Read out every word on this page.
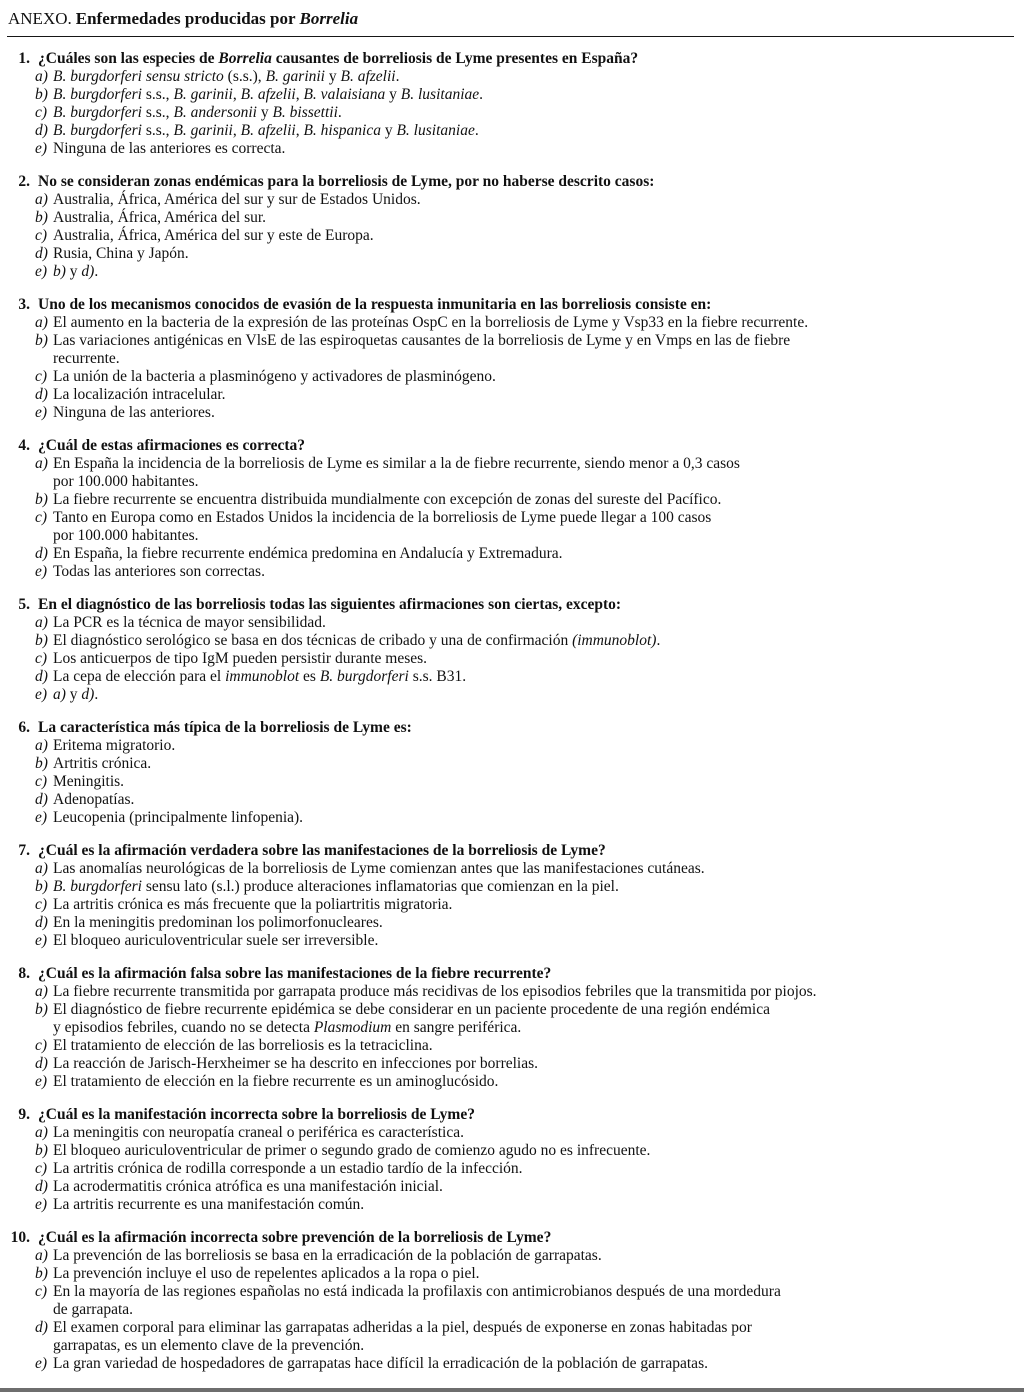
ANEXO. Enfermedades producidas por Borrelia
1. ¿Cuáles son las especies de Borrelia causantes de borreliosis de Lyme presentes en España?
a) B. burgdorferi sensu stricto (s.s.), B. garinii y B. afzelii.
b) B. burgdorferi s.s., B. garinii, B. afzelii, B. valaisiana y B. lusitaniae.
c) B. burgdorferi s.s., B. andersonii y B. bissettii.
d) B. burgdorferi s.s., B. garinii, B. afzelii, B. hispanica y B. lusitaniae.
e) Ninguna de las anteriores es correcta.
2. No se consideran zonas endémicas para la borreliosis de Lyme, por no haberse descrito casos:
a) Australia, África, América del sur y sur de Estados Unidos.
b) Australia, África, América del sur.
c) Australia, África, América del sur y este de Europa.
d) Rusia, China y Japón.
e) b) y d).
3. Uno de los mecanismos conocidos de evasión de la respuesta inmunitaria en las borreliosis consiste en:
a) El aumento en la bacteria de la expresión de las proteínas OspC en la borreliosis de Lyme y Vsp33 en la fiebre recurrente.
b) Las variaciones antigénicas en VlsE de las espiroquetas causantes de la borreliosis de Lyme y en Vmps en las de fiebre
recurrente.
c) La unión de la bacteria a plasminógeno y activadores de plasminógeno.
d) La localización intracelular.
e) Ninguna de las anteriores.
4. ¿Cuál de estas afirmaciones es correcta?
a) En España la incidencia de la borreliosis de Lyme es similar a la de fiebre recurrente, siendo menor a 0,3 casos
por 100.000 habitantes.
b) La fiebre recurrente se encuentra distribuida mundialmente con excepción de zonas del sureste del Pacífico.
c) Tanto en Europa como en Estados Unidos la incidencia de la borreliosis de Lyme puede llegar a 100 casos
por 100.000 habitantes.
d) En España, la fiebre recurrente endémica predomina en Andalucía y Extremadura.
e) Todas las anteriores son correctas.
5. En el diagnóstico de las borreliosis todas las siguientes afirmaciones son ciertas, excepto:
a) La PCR es la técnica de mayor sensibilidad.
b) El diagnóstico serológico se basa en dos técnicas de cribado y una de confirmación (immunoblot).
c) Los anticuerpos de tipo IgM pueden persistir durante meses.
d) La cepa de elección para el immunoblot es B. burgdorferi s.s. B31.
e) a) y d).
6. La característica más típica de la borreliosis de Lyme es:
a) Eritema migratorio.
b) Artritis crónica.
c) Meningitis.
d) Adenopatías.
e) Leucopenia (principalmente linfopenia).
7. ¿Cuál es la afirmación verdadera sobre las manifestaciones de la borreliosis de Lyme?
a) Las anomalías neurológicas de la borreliosis de Lyme comienzan antes que las manifestaciones cutáneas.
b) B. burgdorferi sensu lato (s.l.) produce alteraciones inflamatorias que comienzan en la piel.
c) La artritis crónica es más frecuente que la poliartritis migratoria.
d) En la meningitis predominan los polimorfonucleares.
e) El bloqueo auriculoventricular suele ser irreversible.
8. ¿Cuál es la afirmación falsa sobre las manifestaciones de la fiebre recurrente?
a) La fiebre recurrente transmitida por garrapata produce más recidivas de los episodios febriles que la transmitida por piojos.
b) El diagnóstico de fiebre recurrente epidémica se debe considerar en un paciente procedente de una región endémica
y episodios febriles, cuando no se detecta Plasmodium en sangre periférica.
c) El tratamiento de elección de las borreliosis es la tetraciclina.
d) La reacción de Jarisch-Herxheimer se ha descrito en infecciones por borrelias.
e) El tratamiento de elección en la fiebre recurrente es un aminoglucósido.
9. ¿Cuál es la manifestación incorrecta sobre la borreliosis de Lyme?
a) La meningitis con neuropatía craneal o periférica es característica.
b) El bloqueo auriculoventricular de primer o segundo grado de comienzo agudo no es infrecuente.
c) La artritis crónica de rodilla corresponde a un estadio tardío de la infección.
d) La acrodermatitis crónica atrófica es una manifestación inicial.
e) La artritis recurrente es una manifestación común.
10. ¿Cuál es la afirmación incorrecta sobre prevención de la borreliosis de Lyme?
a) La prevención de las borreliosis se basa en la erradicación de la población de garrapatas.
b) La prevención incluye el uso de repelentes aplicados a la ropa o piel.
c) En la mayoría de las regiones españolas no está indicada la profilaxis con antimicrobianos después de una mordedura
de garrapata.
d) El examen corporal para eliminar las garrapatas adheridas a la piel, después de exponerse en zonas habitadas por
garrapatas, es un elemento clave de la prevención.
e) La gran variedad de hospedadores de garrapatas hace difícil la erradicación de la población de garrapatas.
